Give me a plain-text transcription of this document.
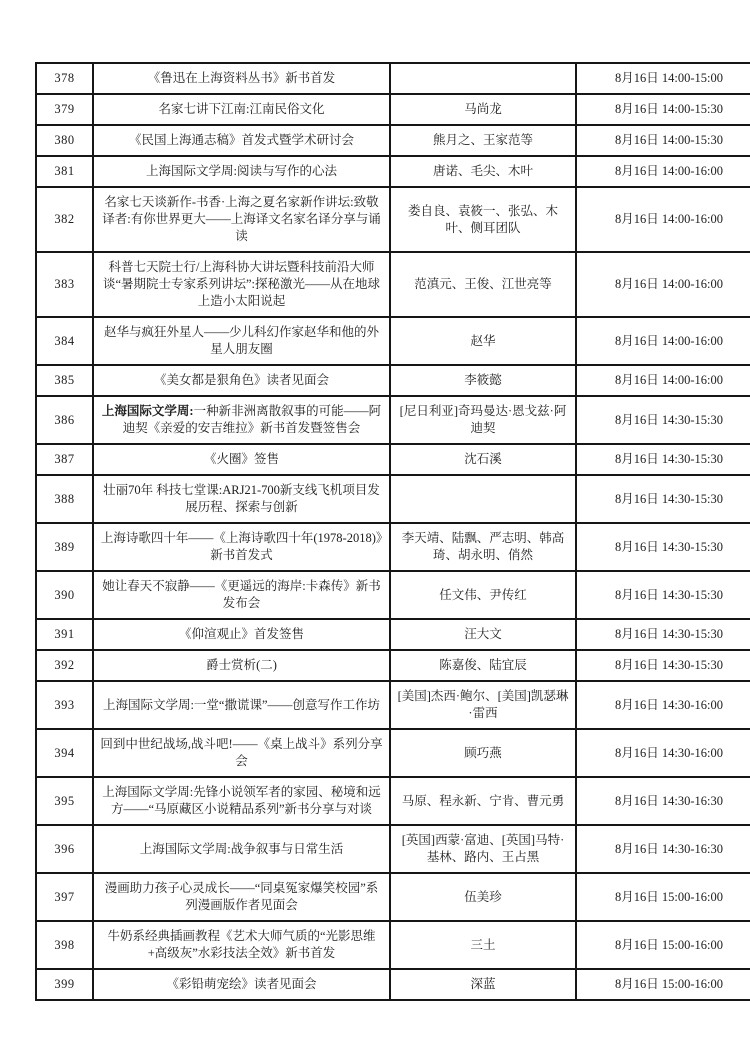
378	《鲁迅在上海资料丛书》新书首发		8月16日 14:00-15:00
379	名家七讲下江南:江南民俗文化	马尚龙	8月16日 14:00-15:30
380	《民国上海通志稿》首发式暨学术研讨会	熊月之、王家范等	8月16日 14:00-15:30
381	上海国际文学周:阅读与写作的心法	唐诺、毛尖、木叶	8月16日 14:00-16:00
382	名家七天谈新作-书香·上海之夏名家新作讲坛:致敬译者:有你世界更大——上海译文名家名译分享与诵读	娄自良、袁筱一、张弘、木叶、侧耳团队	8月16日 14:00-16:00
383	科普七天院士行/上海科协大讲坛暨科技前沿大师谈“暑期院士专家系列讲坛”:探秘激光——从在地球上造小太阳说起	范滇元、王俊、江世亮等	8月16日 14:00-16:00
384	赵华与疯狂外星人——少儿科幻作家赵华和他的外星人朋友圈	赵华	8月16日 14:00-16:00
385	《美女都是狠角色》读者见面会	李筱懿	8月16日 14:00-16:00
386	上海国际文学周:一种新非洲离散叙事的可能——阿迪契《亲爱的安吉维拉》新书首发暨签售会	[尼日利亚]奇玛曼达·恩戈兹·阿迪契	8月16日 14:30-15:30
387	《火圈》签售	沈石溪	8月16日 14:30-15:30
388	壮丽70年 科技七堂课:ARJ21-700新支线飞机项目发展历程、探索与创新		8月16日 14:30-15:30
389	上海诗歌四十年——《上海诗歌四十年(1978-2018)》新书首发式	李天靖、陆飘、严志明、韩高琦、胡永明、俏然	8月16日 14:30-15:30
390	她让春天不寂静——《更遥远的海岸:卡森传》新书发布会	任文伟、尹传红	8月16日 14:30-15:30
391	《仰渲观止》首发签售	汪大文	8月16日 14:30-15:30
392	爵士赏析(二)	陈嘉俊、陆宜辰	8月16日 14:30-15:30
393	上海国际文学周:一堂“撒谎课”——创意写作工作坊	[美国]杰西·鲍尔、[美国]凯瑟琳·雷西	8月16日 14:30-16:00
394	回到中世纪战场,战斗吧!——《桌上战斗》系列分享会	顾巧燕	8月16日 14:30-16:00
395	上海国际文学周:先锋小说领军者的家园、秘境和远方——“马原藏区小说精品系列”新书分享与对谈	马原、程永新、宁肯、曹元勇	8月16日 14:30-16:30
396	上海国际文学周:战争叙事与日常生活	[英国]西蒙·富迪、[英国]马特·基林、路内、王占黑	8月16日 14:30-16:30
397	漫画助力孩子心灵成长——“同桌冤家爆笑校园”系列漫画版作者见面会	伍美珍	8月16日 15:00-16:00
398	牛奶系经典插画教程《艺术大师气质的“光影思维+高级灰”水彩技法全效》新书首发	三土	8月16日 15:00-16:00
399	《彩铅萌宠绘》读者见面会	深蓝	8月16日 15:00-16:00
